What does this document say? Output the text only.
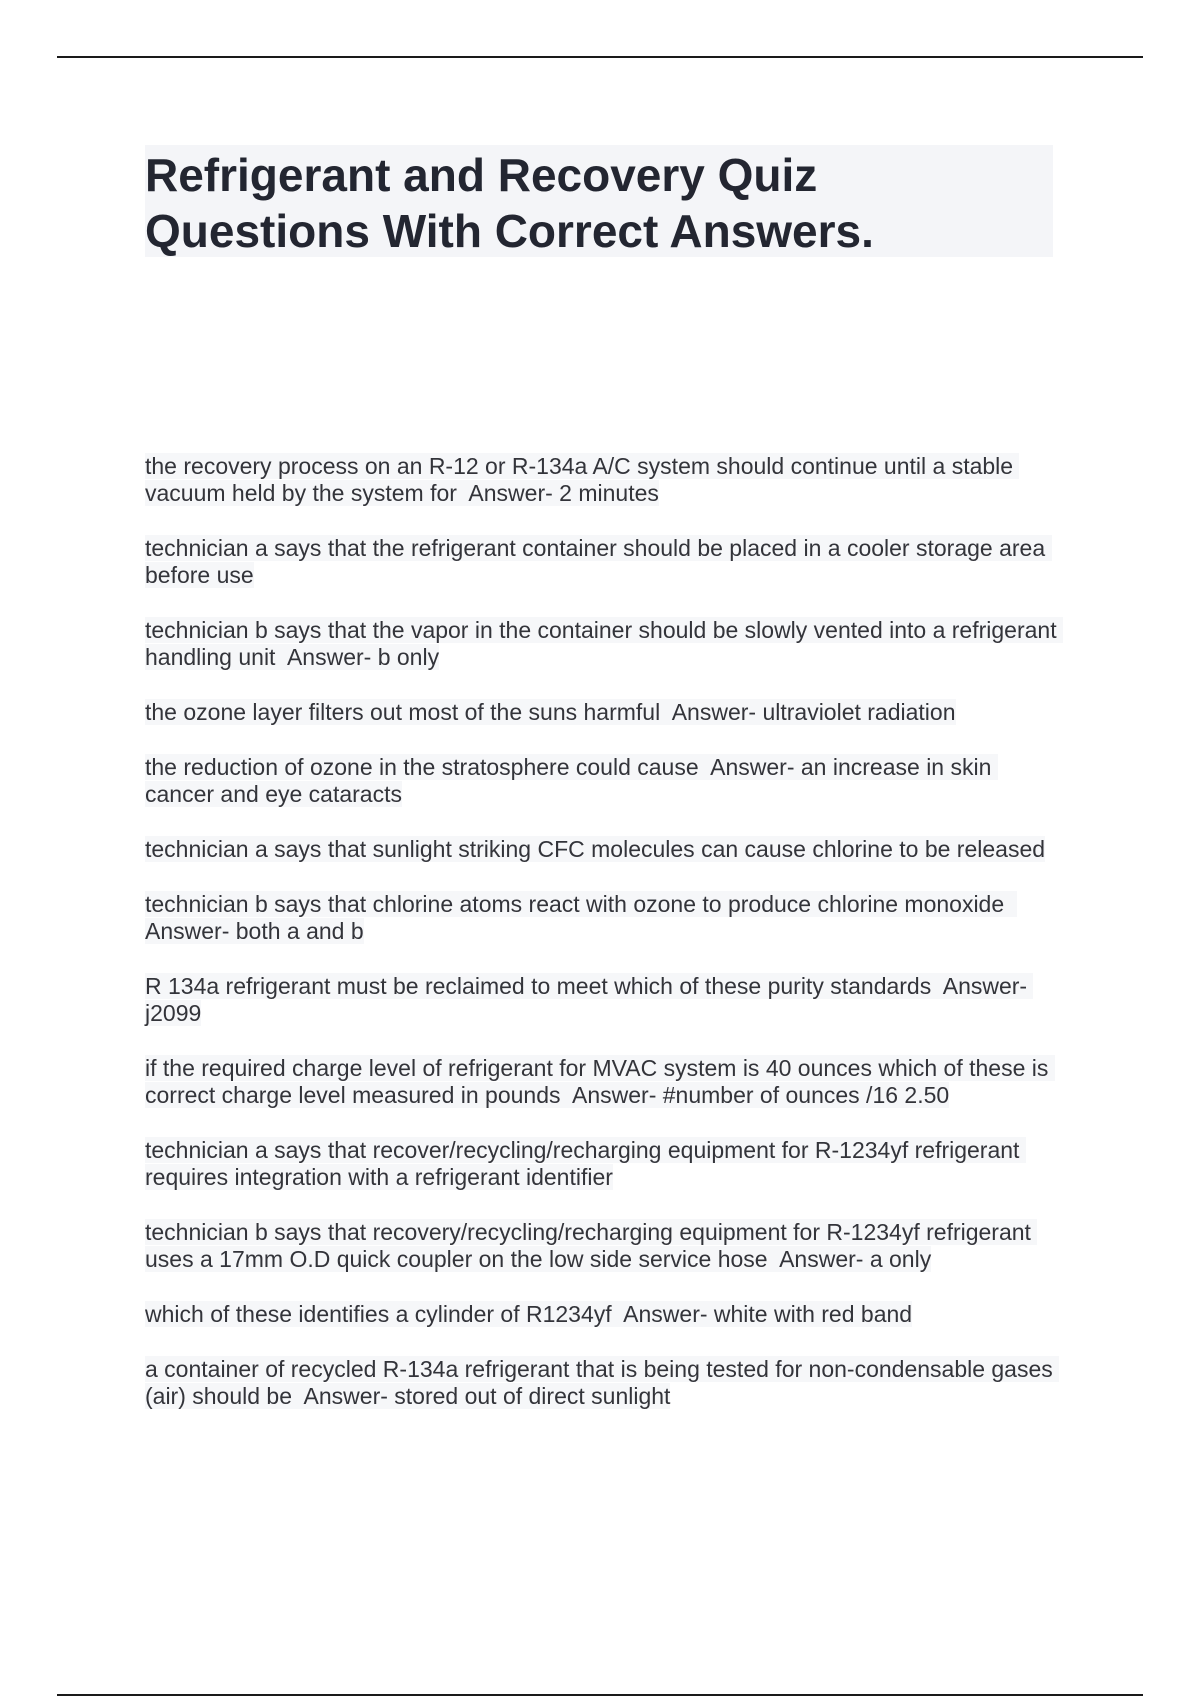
Refrigerant and Recovery Quiz Questions With Correct Answers.

the recovery process on an R-12 or R-134a A/C system should continue until a stable vacuum held by the system for  Answer- 2 minutes

technician a says that the refrigerant container should be placed in a cooler storage area before use

technician b says that the vapor in the container should be slowly vented into a refrigerant handling unit  Answer- b only

the ozone layer filters out most of the suns harmful  Answer- ultraviolet radiation

the reduction of ozone in the stratosphere could cause  Answer- an increase in skin cancer and eye cataracts

technician a says that sunlight striking CFC molecules can cause chlorine to be released

technician b says that chlorine atoms react with ozone to produce chlorine monoxide  Answer- both a and b

R 134a refrigerant must be reclaimed to meet which of these purity standards  Answer- j2099

if the required charge level of refrigerant for MVAC system is 40 ounces which of these is correct charge level measured in pounds  Answer- #number of ounces /16 2.50

technician a says that recover/recycling/recharging equipment for R-1234yf refrigerant requires integration with a refrigerant identifier

technician b says that recovery/recycling/recharging equipment for R-1234yf refrigerant uses a 17mm O.D quick coupler on the low side service hose  Answer- a only

which of these identifies a cylinder of R1234yf  Answer- white with red band

a container of recycled R-134a refrigerant that is being tested for non-condensable gases (air) should be  Answer- stored out of direct sunlight
